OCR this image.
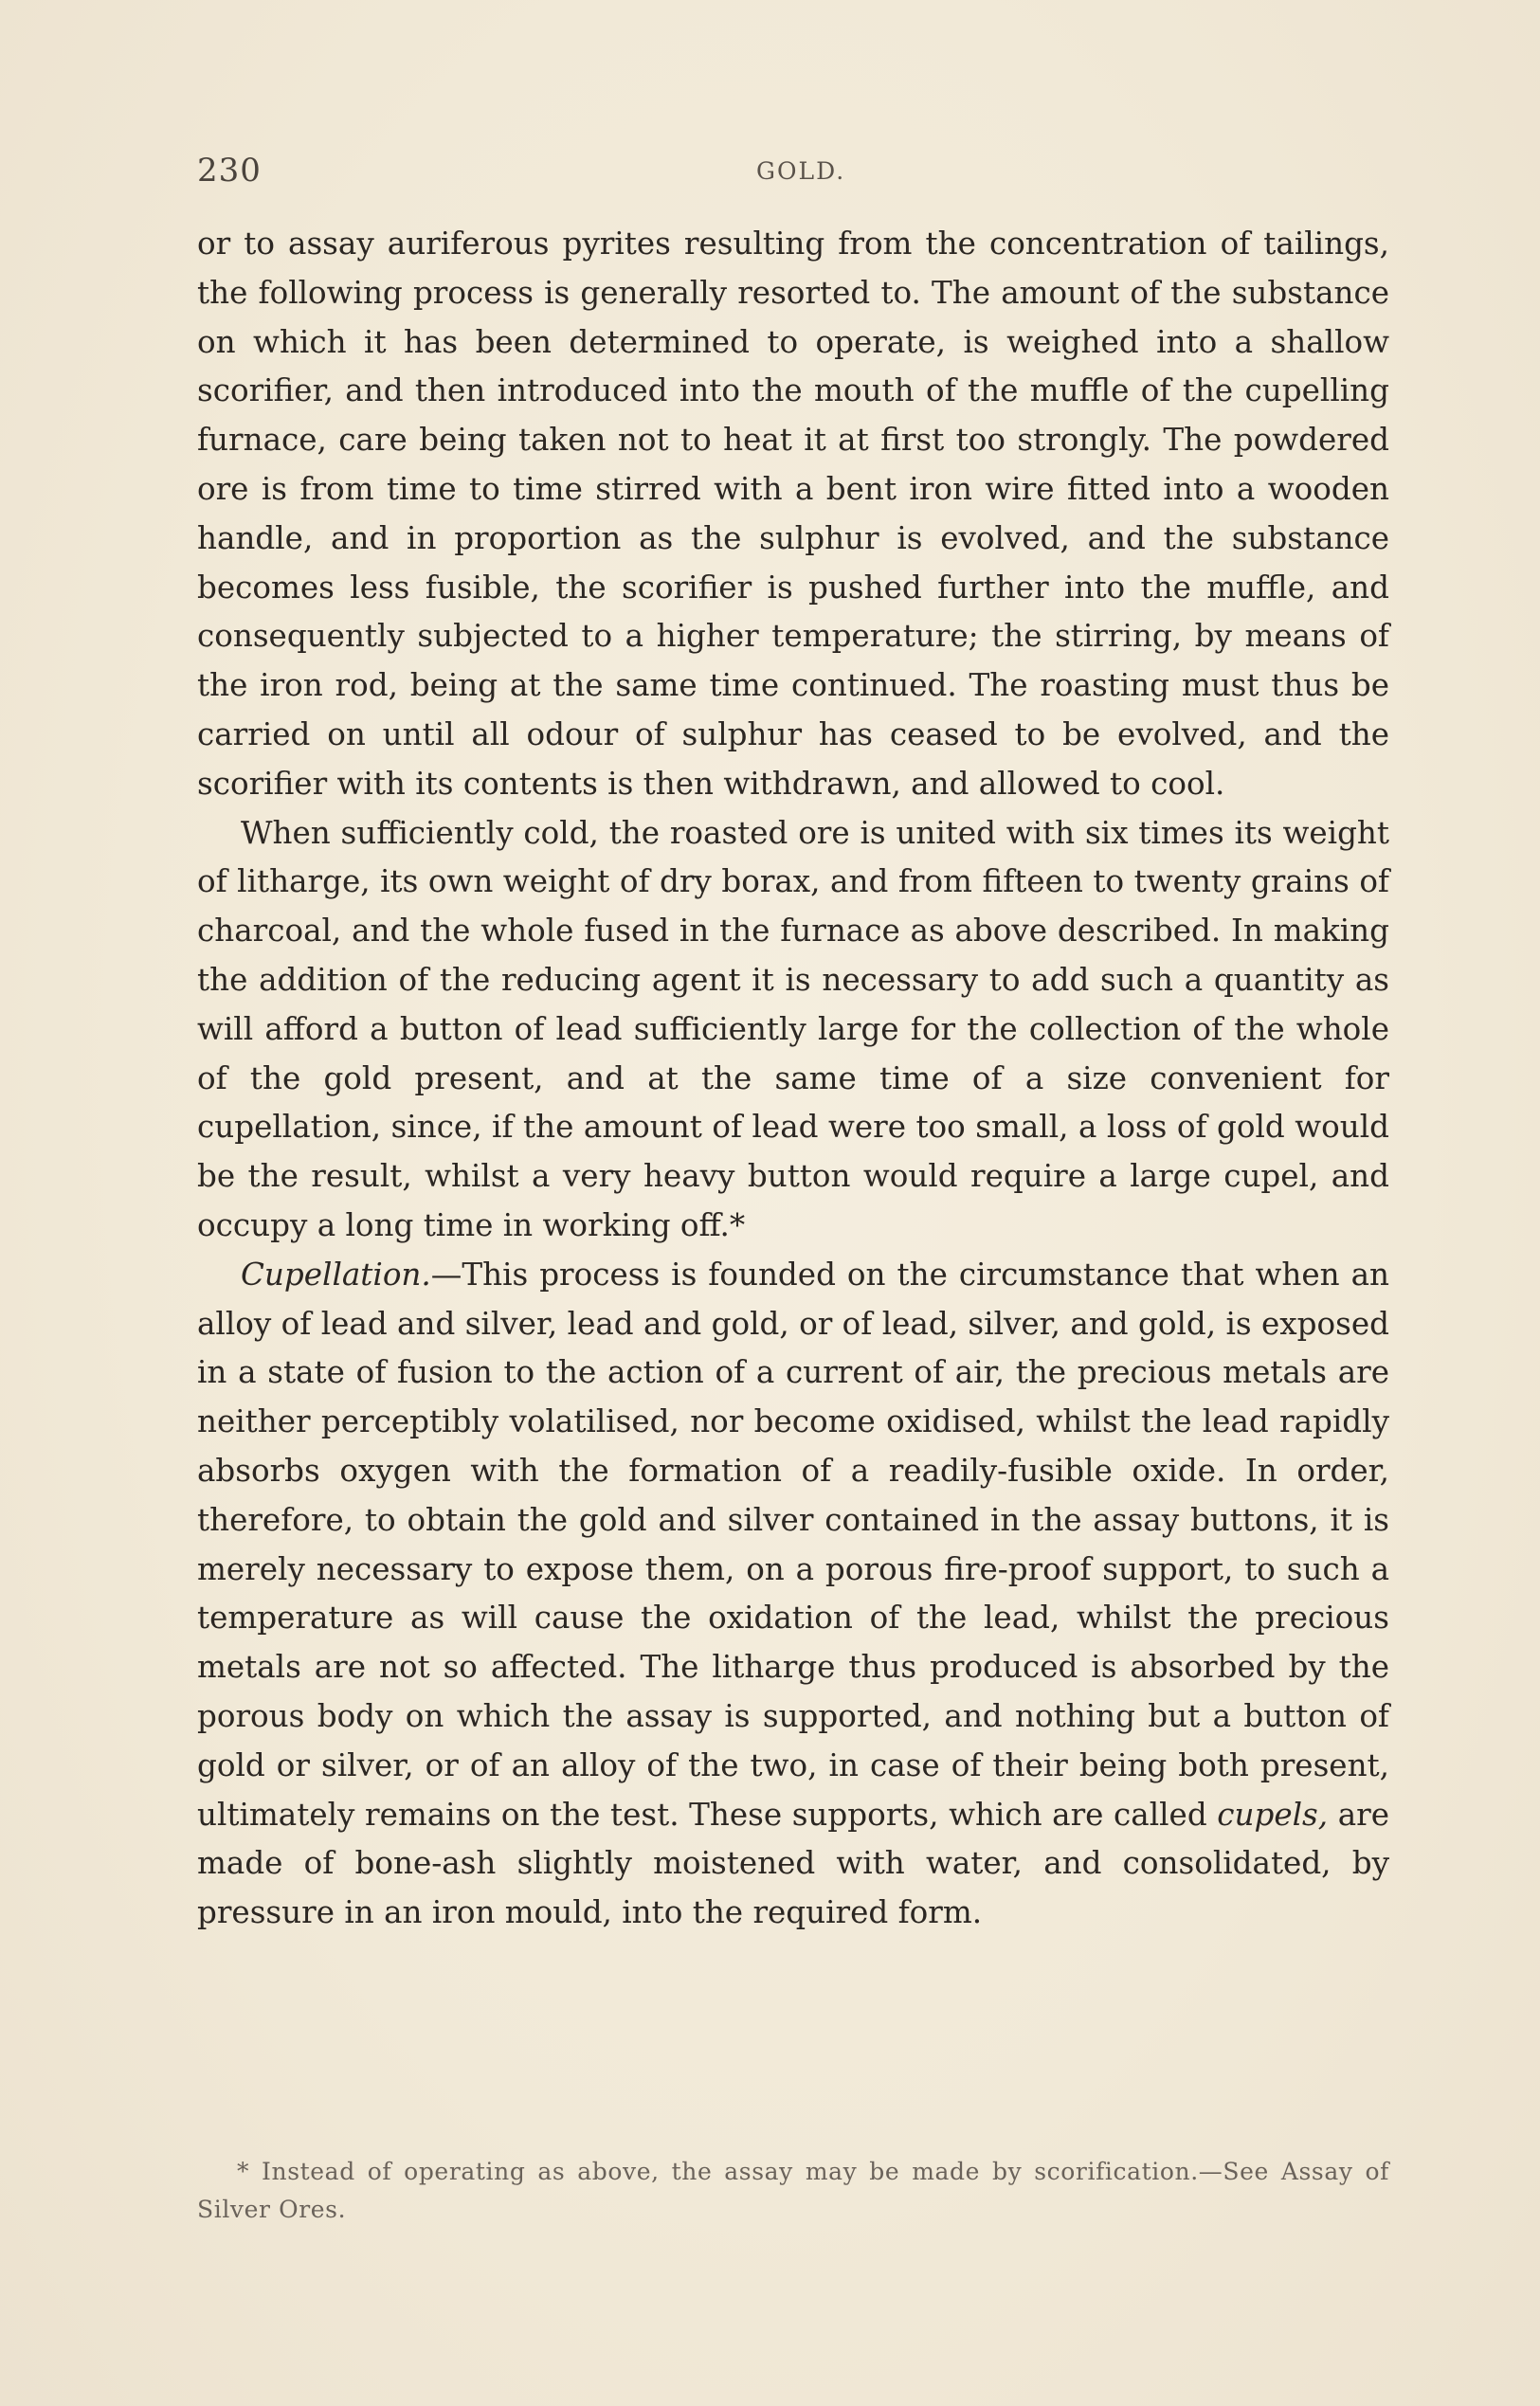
230	GOLD.

or to assay auriferous pyrites resulting from the concentration of tailings, the following process is generally resorted to. The amount of the substance on which it has been determined to operate, is weighed into a shallow scorifier, and then introduced into the mouth of the muffle of the cupelling furnace, care being taken not to heat it at first too strongly. The powdered ore is from time to time stirred with a bent iron wire fitted into a wooden handle, and in proportion as the sulphur is evolved, and the substance becomes less fusible, the scorifier is pushed further into the muffle, and consequently subjected to a higher temperature; the stirring, by means of the iron rod, being at the same time continued. The roasting must thus be carried on until all odour of sulphur has ceased to be evolved, and the scorifier with its contents is then withdrawn, and allowed to cool.

When sufficiently cold, the roasted ore is united with six times its weight of litharge, its own weight of dry borax, and from fifteen to twenty grains of charcoal, and the whole fused in the furnace as above described. In making the addition of the reducing agent it is necessary to add such a quantity as will afford a button of lead sufficiently large for the collection of the whole of the gold present, and at the same time of a size convenient for cupellation, since, if the amount of lead were too small, a loss of gold would be the result, whilst a very heavy button would require a large cupel, and occupy a long time in working off.*

Cupellation.—This process is founded on the circumstance that when an alloy of lead and silver, lead and gold, or of lead, silver, and gold, is exposed in a state of fusion to the action of a current of air, the precious metals are neither perceptibly volatilised, nor become oxidised, whilst the lead rapidly absorbs oxygen with the formation of a readily-fusible oxide. In order, therefore, to obtain the gold and silver contained in the assay buttons, it is merely necessary to expose them, on a porous fire-proof support, to such a temperature as will cause the oxidation of the lead, whilst the precious metals are not so affected. The litharge thus produced is absorbed by the porous body on which the assay is supported, and nothing but a button of gold or silver, or of an alloy of the two, in case of their being both present, ultimately remains on the test. These supports, which are called cupels, are made of bone-ash slightly moistened with water, and consolidated, by pressure in an iron mould, into the required form.

* Instead of operating as above, the assay may be made by scorification.—See Assay of Silver Ores.
